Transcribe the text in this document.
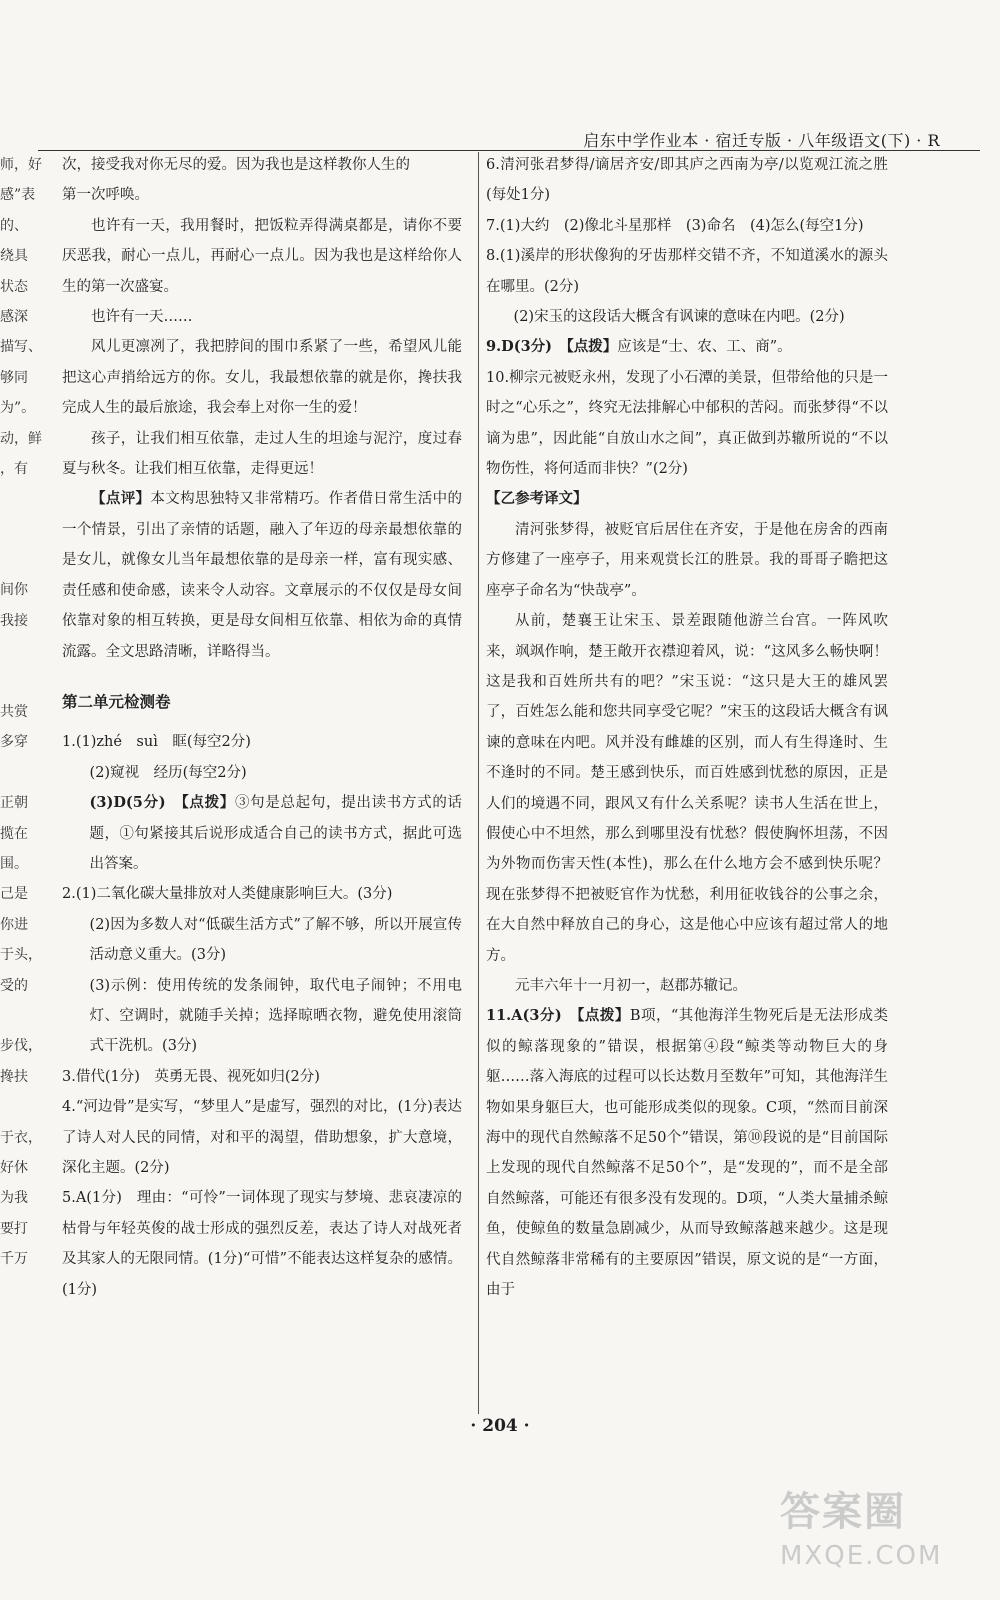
启东中学作业本 · 宿迁专版 · 八年级语文(下) · R
师，好
感”表
的、
绕具
状态
感深
描写、
够同
为”。
动，鲜
，有
间你
我接
共赏
多穿
正朝
揽在
围。
己是
你进
于头，
受的
步伐，
搀扶
于衣，
好休
为我
要打
千万

次，接受我对你无尽的爱。因为我也是这样教你人生的

第一次呼唤。

也许有一天，我用餐时，把饭粒弄得满桌都是，请你不要厌恶我，耐心一点儿，再耐心一点儿。因为我也是这样给你人生的第一次盛宴。

也许有一天……

风儿更凛冽了，我把脖间的围巾系紧了一些，希望风儿能把这心声捎给远方的你。女儿，我最想依靠的就是你，搀扶我完成人生的最后旅途，我会奉上对你一生的爱！

孩子，让我们相互依靠，走过人生的坦途与泥泞，度过春夏与秋冬。让我们相互依靠，走得更远！

【点评】本文构思独特又非常精巧。作者借日常生活中的一个情景，引出了亲情的话题，融入了年迈的母亲最想依靠的是女儿，就像女儿当年最想依靠的是母亲一样，富有现实感、责任感和使命感，读来令人动容。文章展示的不仅仅是母女间依靠对象的相互转换，更是母女间相互依靠、相依为命的真情流露。全文思路清晰，详略得当。

第二单元检测卷

1.(1)zhé　suì　眶(每空2分)

(2)窥视　经历(每空2分)

(3)D(5分)　【点拨】③句是总起句，提出读书方式的话题，①句紧接其后说形成适合自己的读书方式，据此可选出答案。

2.(1)二氧化碳大量排放对人类健康影响巨大。(3分)

(2)因为多数人对“低碳生活方式”了解不够，所以开展宣传活动意义重大。(3分)

(3)示例：使用传统的发条闹钟，取代电子闹钟；不用电灯、空调时，就随手关掉；选择晾晒衣物，避免使用滚筒式干洗机。(3分)

3.借代(1分)　英勇无畏、视死如归(2分)

4.“河边骨”是实写，“梦里人”是虚写，强烈的对比，(1分)表达了诗人对人民的同情，对和平的渴望，借助想象，扩大意境，深化主题。(2分)

5.A(1分)　理由：“可怜”一词体现了现实与梦境、悲哀凄凉的枯骨与年轻英俊的战士形成的强烈反差，表达了诗人对战死者及其家人的无限同情。(1分)“可惜”不能表达这样复杂的感情。(1分)

6.清河张君梦得/谪居齐安/即其庐之西南为亭/以览观江流之胜(每处1分)

7.(1)大约　(2)像北斗星那样　(3)命名　(4)怎么(每空1分)

8.(1)溪岸的形状像狗的牙齿那样交错不齐，不知道溪水的源头在哪里。(2分)

(2)宋玉的这段话大概含有讽谏的意味在内吧。(2分)

9.D(3分)　【点拨】应该是“士、农、工、商”。

10.柳宗元被贬永州，发现了小石潭的美景，但带给他的只是一时之“心乐之”，终究无法排解心中郁积的苦闷。而张梦得“不以谪为患”，因此能“自放山水之间”，真正做到苏辙所说的“不以物伤性，将何适而非快？”(2分)

【乙参考译文】

清河张梦得，被贬官后居住在齐安，于是他在房舍的西南方修建了一座亭子，用来观赏长江的胜景。我的哥哥子瞻把这座亭子命名为“快哉亭”。

从前，楚襄王让宋玉、景差跟随他游兰台宫。一阵风吹来，飒飒作响，楚王敞开衣襟迎着风，说：“这风多么畅快啊！这是我和百姓所共有的吧？”宋玉说：“这只是大王的雄风罢了，百姓怎么能和您共同享受它呢？”宋玉的这段话大概含有讽谏的意味在内吧。风并没有雌雄的区别，而人有生得逢时、生不逢时的不同。楚王感到快乐，而百姓感到忧愁的原因，正是人们的境遇不同，跟风又有什么关系呢？读书人生活在世上，假使心中不坦然，那么到哪里没有忧愁？假使胸怀坦荡，不因为外物而伤害天性(本性)，那么在什么地方会不感到快乐呢？现在张梦得不把被贬官作为忧愁，利用征收钱谷的公事之余，在大自然中释放自己的身心，这是他心中应该有超过常人的地方。

元丰六年十一月初一，赵郡苏辙记。

11.A(3分)　【点拨】B项，“其他海洋生物死后是无法形成类似的鲸落现象的”错误，根据第④段“鲸类等动物巨大的身躯……落入海底的过程可以长达数月至数年”可知，其他海洋生物如果身躯巨大，也可能形成类似的现象。C项，“然而目前深海中的现代自然鲸落不足50个”错误，第⑩段说的是“目前国际上发现的现代自然鲸落不足50个”，是“发现的”，而不是全部自然鲸落，可能还有很多没有发现的。D项，“人类大量捕杀鲸鱼，使鲸鱼的数量急剧减少，从而导致鲸落越来越少。这是现代自然鲸落非常稀有的主要原因”错误，原文说的是“一方面，由于

· 204 ·
答案圈
MXQE.COM
